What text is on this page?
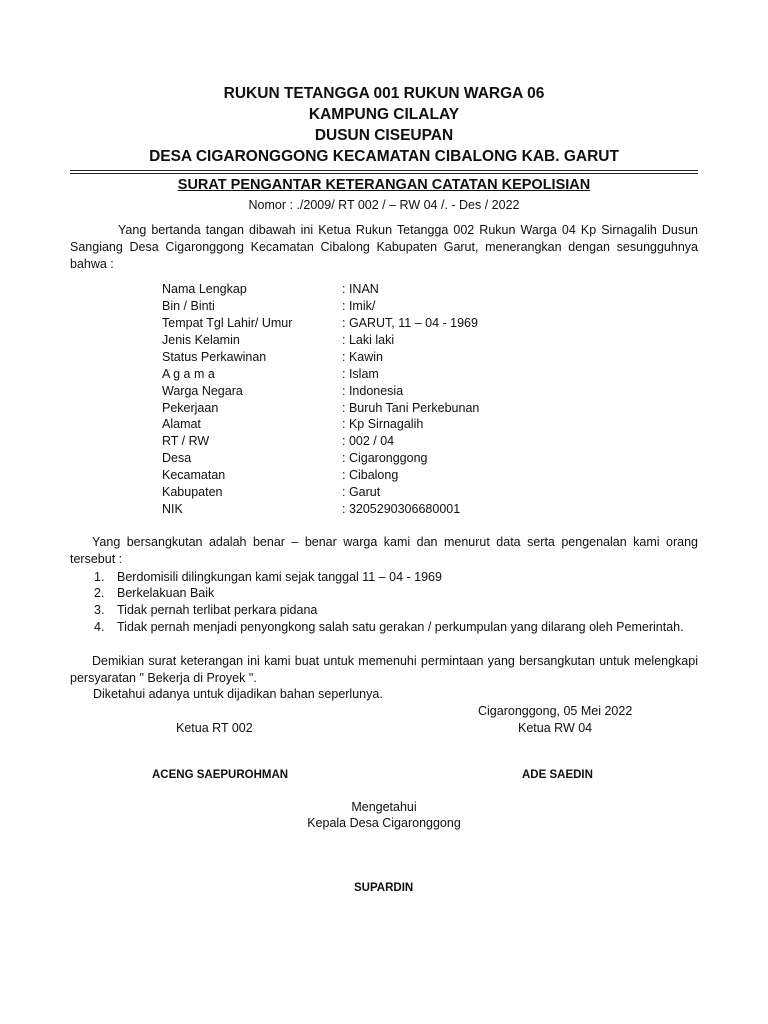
RUKUN TETANGGA 001 RUKUN WARGA 06
KAMPUNG CILALAY
DUSUN CISEUPAN
DESA CIGARONGGONG KECAMATAN CIBALONG KAB. GARUT
SURAT PENGANTAR KETERANGAN CATATAN KEPOLISIAN
Nomor : ./2009/ RT 002 / – RW 04 /. - Des / 2022
Yang bertanda tangan dibawah ini Ketua Rukun Tetangga 002 Rukun Warga 04 Kp Sirnagalih Dusun Sangiang Desa Cigaronggong Kecamatan Cibalong Kabupaten Garut, menerangkan dengan sesungguhnya bahwa :
Nama Lengkap	: INAN
Bin / Binti	: Imik/
Tempat Tgl Lahir/ Umur	: GARUT, 11 – 04 - 1969
Jenis Kelamin	: Laki laki
Status Perkawinan	: Kawin
A g a m a	: Islam
Warga Negara	: Indonesia
Pekerjaan	: Buruh Tani Perkebunan
Alamat	: Kp Sirnagalih
RT / RW	: 002 / 04
Desa	: Cigaronggong
Kecamatan	: Cibalong
Kabupaten	: Garut
NIK	: 3205290306680001
Yang bersangkutan adalah benar – benar warga kami dan menurut data serta pengenalan kami orang tersebut :
1. Berdomisili dilingkungan kami sejak tanggal 11 – 04 - 1969
2. Berkelakuan Baik
3. Tidak pernah terlibat perkara pidana
4. Tidak pernah menjadi penyongkong salah satu gerakan / perkumpulan yang dilarang oleh Pemerintah.
Demikian surat keterangan ini kami buat untuk memenuhi permintaan yang bersangkutan untuk melengkapi persyaratan " Bekerja di Proyek ".
Diketahui adanya untuk dijadikan bahan seperlunya.
Cigaronggong, 05 Mei 2022
Ketua RT 002	Ketua RW 04
ACENG SAEPUROHMAN	ADE SAEDIN
Mengetahui
Kepala Desa Cigaronggong
SUPARDIN
